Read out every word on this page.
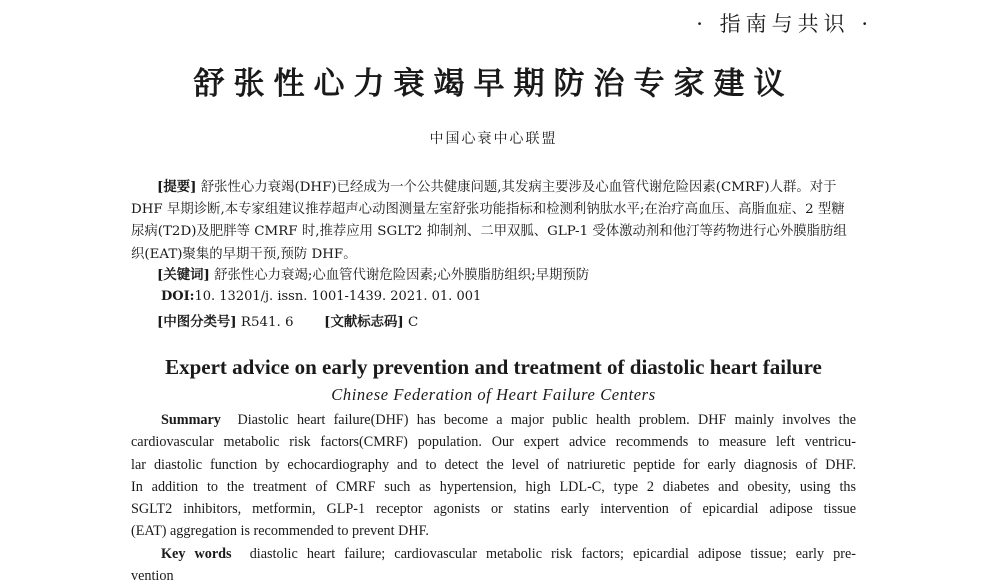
· 指南与共识 ·
舒张性心力衰竭早期防治专家建议
中国心衰中心联盟

[提要] 舒张性心力衰竭(DHF)已经成为一个公共健康问题,其发病主要涉及心血管代谢危险因素(CMRF)人群。对于 DHF 早期诊断,本专家组建议推荐超声心动图测量左室舒张功能指标和检测利钠肽水平;在治疗高血压、高脂血症、2 型糖尿病(T2D)及肥胖等 CMRF 时,推荐应用 SGLT2 抑制剂、二甲双胍、GLP-1 受体激动剂和他汀等药物进行心外膜脂肪组织(EAT)聚集的早期干预,预防 DHF。

[关键词] 舒张性心力衰竭;心血管代谢危险因素;心外膜脂肪组织;早期预防
DOI:10. 13201/j. issn. 1001-1439. 2021. 01. 001
[中图分类号] R541. 6 [文献标志码] C
Expert advice on early prevention and treatment of diastolic heart failure
Chinese Federation of Heart Failure Centers
Summary Diastolic heart failure(DHF) has become a major public health problem. DHF mainly involves the
cardiovascular metabolic risk factors(CMRF) population. Our expert advice recommends to measure left ventricu-
lar diastolic function by echocardiography and to detect the level of natriuretic peptide for early diagnosis of DHF.
In addition to the treatment of CMRF such as hypertension, high LDL-C, type 2 diabetes and obesity, using ths
SGLT2 inhibitors, metformin, GLP-1 receptor agonists or statins early intervention of epicardial adipose tissue
(EAT) aggregation is recommended to prevent DHF.
Key words diastolic heart failure; cardiovascular metabolic risk factors; epicardial adipose tissue; early pre-
vention
